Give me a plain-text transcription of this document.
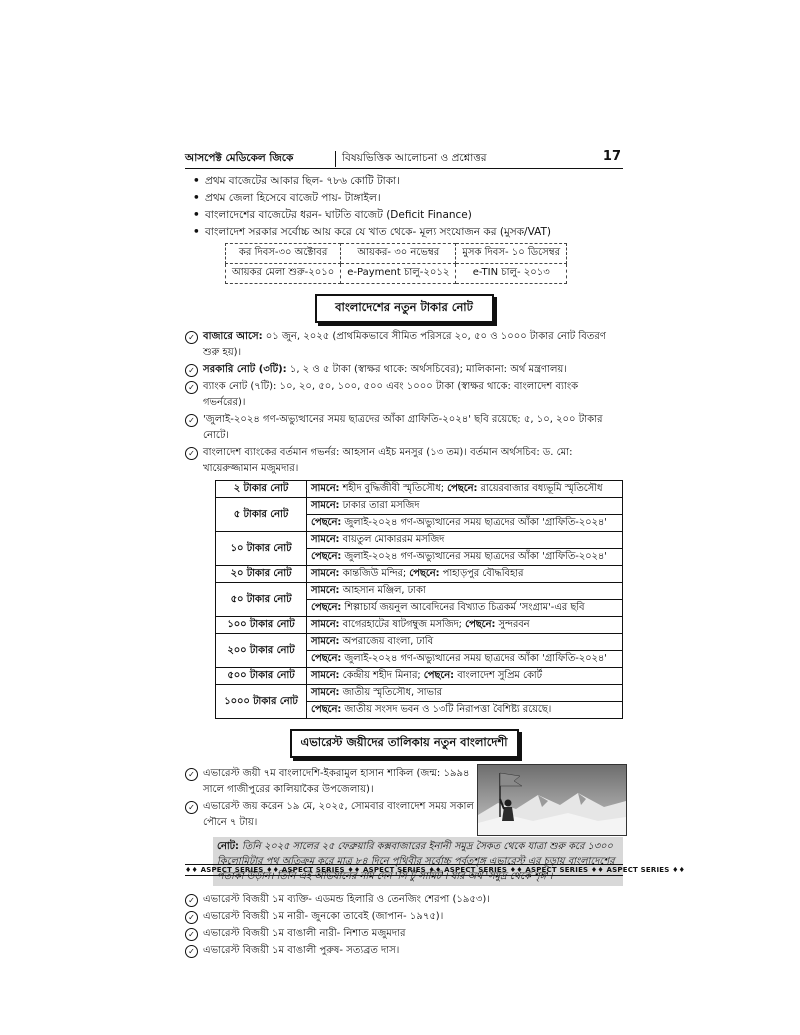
আসপেক্ট মেডিকেল জিকে	বিষয়ভিত্তিক আলোচনা ও প্রশ্নোত্তর	17
• প্রথম বাজেটের আকার ছিল- ৭৮৬ কোটি টাকা।
• প্রথম জেলা হিসেবে বাজেট পায়- টাঙ্গাইল।
• বাংলাদেশের বাজেটের ধরন- ঘাটতি বাজেট (Deficit Finance)
• বাংলাদেশ সরকার সর্বোচ্চ আয় করে যে খাত থেকে- মূল্য সংযোজন কর (মুসক/VAT)
কর দিবস-৩০ অক্টোবর	আয়কর- ৩০ নভেম্বর	মুসক দিবস- ১০ ডিসেম্বর
আয়কর মেলা শুরু-২০১০	e-Payment চালু-২০১২	e-TIN চালু- ২০১৩
বাংলাদেশের নতুন টাকার নোট
✓ বাজারে আসে: ০১ জুন, ২০২৫ (প্রাথমিকভাবে সীমিত পরিসরে ২০, ৫০ ও ১০০০ টাকার নোট বিতরণ শুরু হয়)।
✓ সরকারি নোট (৩টি): ১, ২ ও ৫ টাকা (স্বাক্ষর থাকে: অর্থসচিবের); মালিকানা: অর্থ মন্ত্রণালয়।
✓ ব্যাংক নোট (৭টি): ১০, ২০, ৫০, ১০০, ৫০০ এবং ১০০০ টাকা (স্বাক্ষর থাকে: বাংলাদেশ ব্যাংক গভর্নরের)।
✓ 'জুলাই-২০২৪ গণ-অভ্যুত্থানের সময় ছাত্রদের আঁকা গ্রাফিতি-২০২৪' ছবি রয়েছে: ৫, ১০, ২০০ টাকার নোটে।
✓ বাংলাদেশ ব্যাংকের বর্তমান গভর্নর: আহসান এইচ মনসুর (১৩ তম)। বর্তমান অর্থসচিব: ড. মো: খায়েরুজ্জামান মজুমদার।
২ টাকার নোট	সামনে: শহীদ বুদ্ধিজীবী স্মৃতিসৌধ; পেছনে: রায়েরবাজার বধ্যভূমি স্মৃতিসৌধ
৫ টাকার নোট	সামনে: ঢাকার তারা মসজিদ
	পেছনে: জুলাই-২০২৪ গণ-অভ্যুত্থানের সময় ছাত্রদের আঁকা 'গ্রাফিতি-২০২৪'
১০ টাকার নোট	সামনে: বায়তুল মোকাররম মসজিদ
	পেছনে: জুলাই-২০২৪ গণ-অভ্যুত্থানের সময় ছাত্রদের আঁকা 'গ্রাফিতি-২০২৪'
২০ টাকার নোট	সামনে: কান্তজিউ মন্দির; পেছনে: পাহাড়পুর বৌদ্ধবিহার
৫০ টাকার নোট	সামনে: আহসান মঞ্জিল, ঢাকা
	পেছনে: শিল্পাচার্য জয়নুল আবেদিনের বিখ্যাত চিত্রকর্ম 'সংগ্রাম'-এর ছবি
১০০ টাকার নোট	সামনে: বাগেরহাটের ষাটগম্বুজ মসজিদ; পেছনে: সুন্দরবন
২০০ টাকার নোট	সামনে: অপরাজেয় বাংলা, ঢাবি
	পেছনে: জুলাই-২০২৪ গণ-অভ্যুত্থানের সময় ছাত্রদের আঁকা 'গ্রাফিতি-২০২৪'
৫০০ টাকার নোট	সামনে: কেন্দ্রীয় শহীদ মিনার; পেছনে: বাংলাদেশ সুপ্রিম কোর্ট
১০০০ টাকার নোট	সামনে: জাতীয় স্মৃতিসৌধ, সাভার
	পেছনে: জাতীয় সংসদ ভবন ও ১৩টি নিরাপত্তা বৈশিষ্ট্য রয়েছে।
এভারেস্ট জয়ীদের তালিকায় নতুন বাংলাদেশী
✓ এভারেস্ট জয়ী ৭ম বাংলাদেশি-ইকরামুল হাসান শাকিল (জন্ম: ১৯৯৪ সালে গাজীপুরের কালিয়াকৈর উপজেলায়)।
✓ এভারেস্ট জয় করেন ১৯ মে, ২০২৫, সোমবার বাংলাদেশ সময় সকাল পৌনে ৭ টায়।
নোট: তিনি ২০২৫ সালের ২৫ ফেব্রুয়ারি কক্সবাজারের ইনানী সমুদ্র সৈকত থেকে যাত্রা শুরু করে ১৩০০ কিলোমিটার পথ অতিক্রম করে মাত্র ৮৪ দিনে পৃথিবীর সর্বোচ্চ পর্বতশৃঙ্গ এভারেস্ট এর চূড়ায় বাংলাদেশের পতাকা উড়ান। তিনি এই অভিযানের নাম দেন 'সি টু সামিট'। যার অর্থ 'সমুদ্র থেকে শৃঙ্গ'।
✓ এভারেস্ট বিজয়ী ১ম ব্যক্তি- এডমন্ড হিলারি ও তেনজিং শেরপা (১৯৫৩)।
✓ এভারেস্ট বিজয়ী ১ম নারী- জুনকো তাবেই (জাপান- ১৯৭৫)।
✓ এভারেস্ট বিজয়ী ১ম বাঙালী নারী- নিশাত মজুমদার
✓ এভারেস্ট বিজয়ী ১ম বাঙালী পুরুষ- সত্যব্রত দাস।
♦♦ ASPECT SERIES ♦♦ ASPECT SERIES ♦♦ ASPECT SERIES ♦♦ ASPECT SERIES ♦♦ ASPECT SERIES ♦♦ ASPECT SERIES ♦♦
